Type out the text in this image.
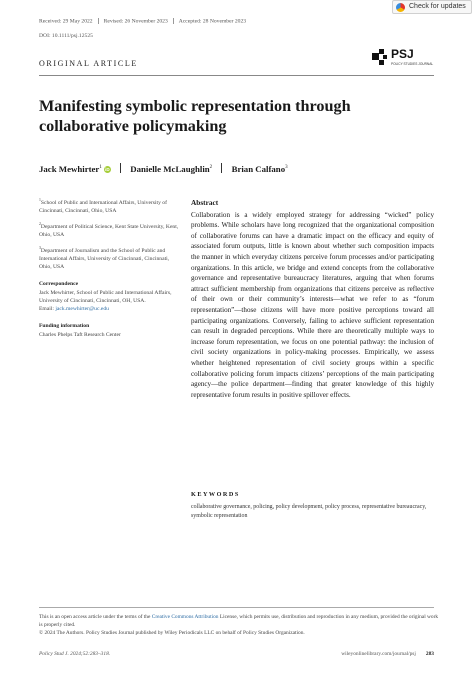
Check for updates
Received: 29 May 2022 Revised: 26 November 2023 Accepted: 28 November 2023
DOI: 10.1111/psj.12525
ORIGINAL ARTICLE
PSJ
POLICY STUDIES JOURNAL
Manifesting symbolic representation through collaborative policymaking
Jack Mewhirter$^1$ iD Danielle McLaughlin$^2$ Brian Calfano$^3$

$^1$School of Public and International Affairs, University of Cincinnati, Cincinnati, Ohio, USA

$^2$Department of Political Science, Kent State University, Kent, Ohio, USA

$^3$Department of Journalism and the School of Public and International Affairs, University of Cincinnati, Cincinnati, Ohio, USA

Correspondence

Jack Mewhirter, School of Public and International Affairs, University of Cincinnati, Cincinnati, OH, USA.
Email: jack.mewhirter@uc.edu

Funding information

Charles Phelps Taft Research Center

Abstract
Collaboration is a widely employed strategy for addressing “wicked” policy problems. While scholars have long recognized that the organizational composition of collaborative forums can have a dramatic impact on the efficacy and equity of associated forum outputs, little is known about whether such composition impacts the manner in which everyday citizens perceive forum processes and/or participating organizations. In this article, we bridge and extend concepts from the collaborative governance and representative bureaucracy literatures, arguing that when forums attract sufficient membership from organizations that citizens perceive as reflective of their own or their community’s interests—what we refer to as “forum representation”—those citizens will have more positive perceptions toward all participating organizations. Conversely, failing to achieve sufficient representation can result in degraded perceptions. While there are theoretically multiple ways to increase forum representation, we focus on one potential pathway: the inclusion of civil society organizations in policy-making processes. Empirically, we assess whether heightened representation of civil society groups within a specific collaborative policing forum impacts citizens’ perceptions of the main participating agency—the police department—finding that greater knowledge of this highly representative forum results in positive spillover effects.
KEYWORDS
collaborative governance, policing, policy development, policy process, representative bureaucracy, symbolic representation
This is an open access article under the terms of the Creative Commons Attribution License, which permits use, distribution and reproduction in any medium, provided the original work is properly cited.
© 2024 The Authors. Policy Studies Journal published by Wiley Periodicals LLC on behalf of Policy Studies Organization.
Policy Stud J. 2024;52:283–318.	wileyonlinelibrary.com/journal/psj 283
